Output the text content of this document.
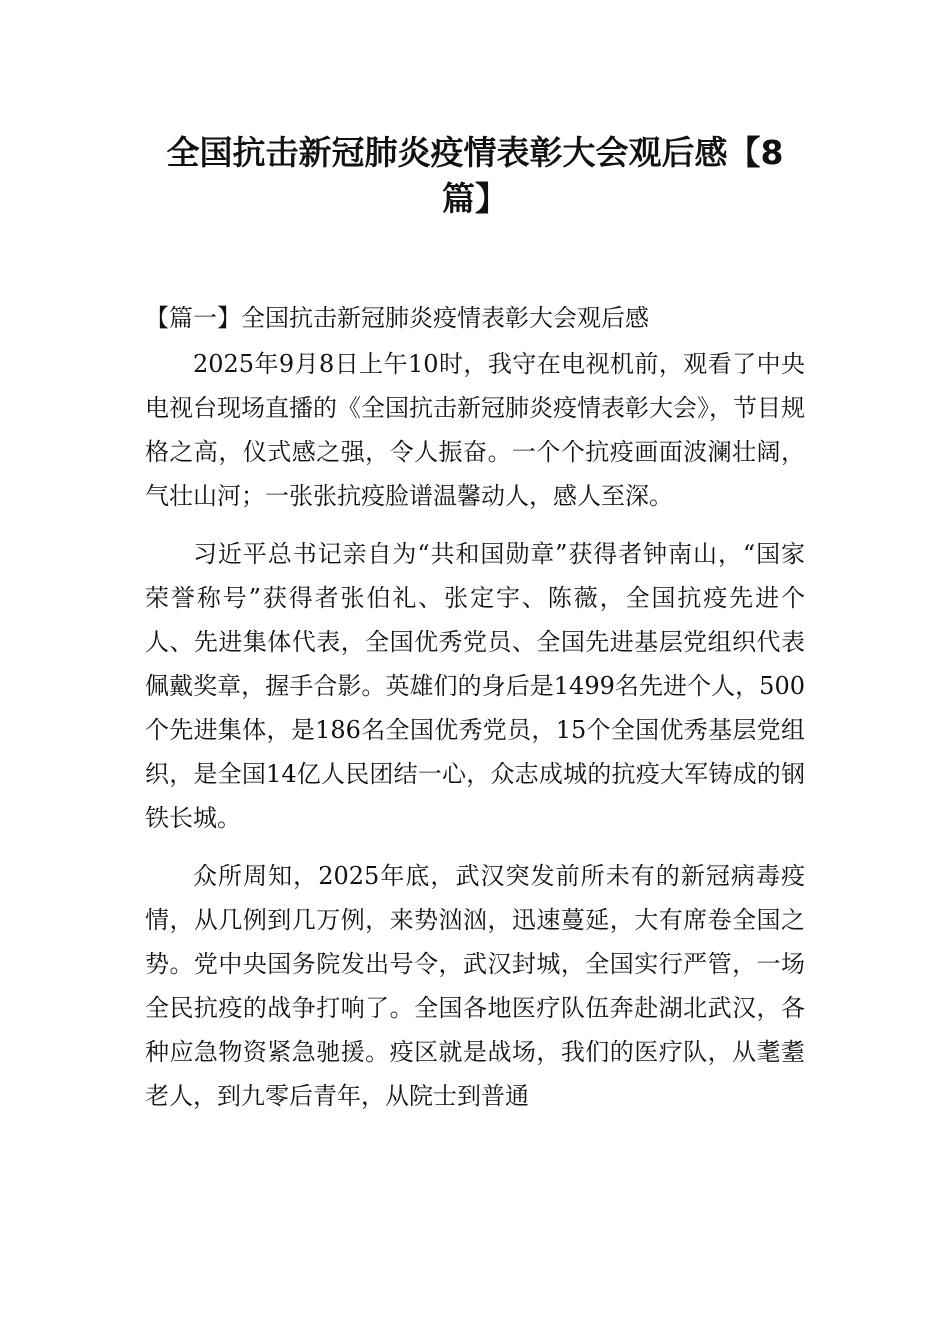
全国抗击新冠肺炎疫情表彰大会观后感【8篇】
【篇一】全国抗击新冠肺炎疫情表彰大会观后感

2025年9月8日上午10时，我守在电视机前，观看了中央电视台现场直播的《全国抗击新冠肺炎疫情表彰大会》，节目规格之高，仪式感之强，令人振奋。一个个抗疫画面波澜壮阔，气壮山河；一张张抗疫脸谱温馨动人，感人至深。

习近平总书记亲自为“共和国勋章”获得者钟南山，“国家荣誉称号”获得者张伯礼、张定宇、陈薇，全国抗疫先进个人、先进集体代表，全国优秀党员、全国先进基层党组织代表佩戴奖章，握手合影。英雄们的身后是1499名先进个人，500个先进集体，是186名全国优秀党员，15个全国优秀基层党组织，是全国14亿人民团结一心，众志成城的抗疫大军铸成的钢铁长城。

众所周知，2025年底，武汉突发前所未有的新冠病毒疫情，从几例到几万例，来势汹汹，迅速蔓延，大有席卷全国之势。党中央国务院发出号令，武汉封城，全国实行严管，一场全民抗疫的战争打响了。全国各地医疗队伍奔赴湖北武汉，各种应急物资紧急驰援。疫区就是战场，我们的医疗队，从耄耋老人，到九零后青年，从院士到普通
